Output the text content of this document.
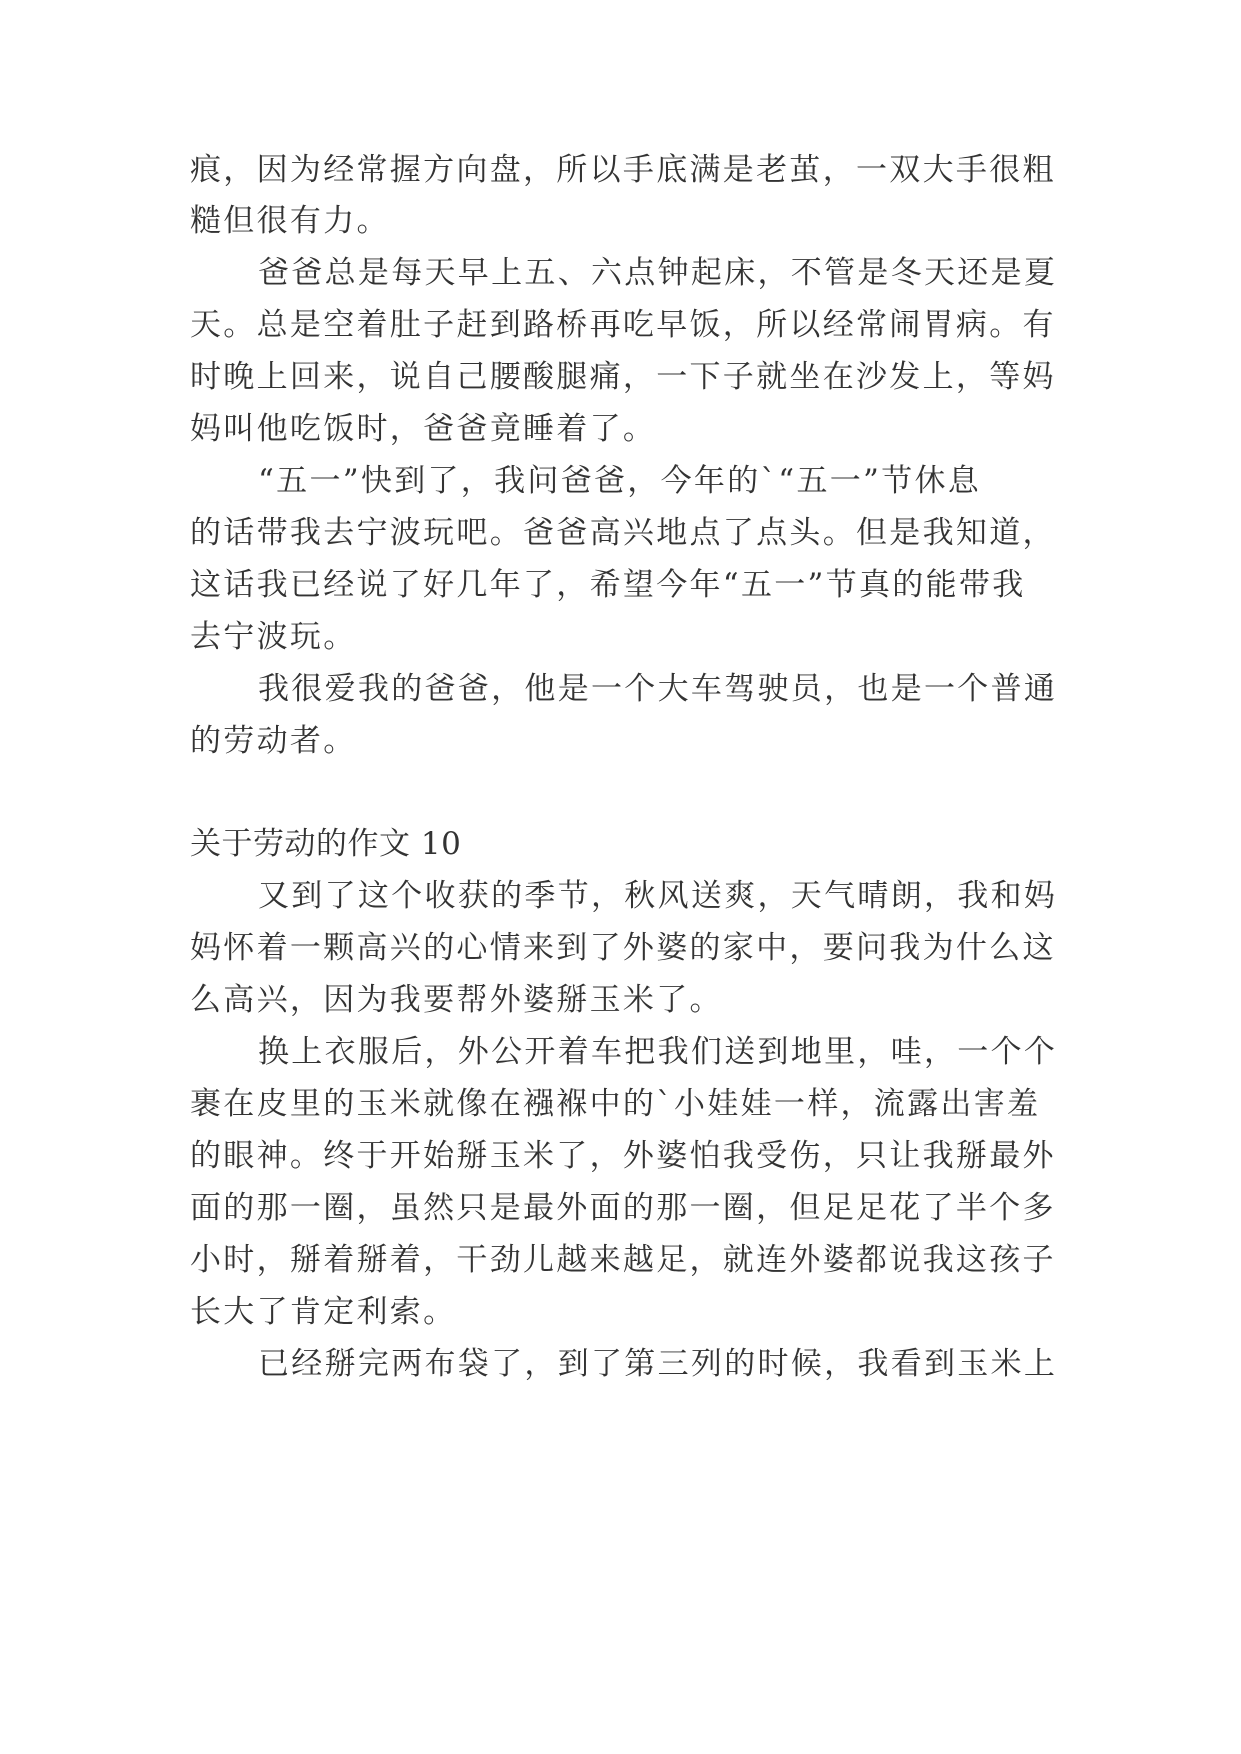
痕，因为经常握方向盘，所以手底满是老茧，一双大手很粗
糙但很有力。
爸爸总是每天早上五、六点钟起床，不管是冬天还是夏
天。总是空着肚子赶到路桥再吃早饭，所以经常闹胃病。有
时晚上回来，说自己腰酸腿痛，一下子就坐在沙发上，等妈
妈叫他吃饭时，爸爸竟睡着了。
“五一”快到了，我问爸爸，今年的`“五一”节休息
的话带我去宁波玩吧。爸爸高兴地点了点头。但是我知道，
这话我已经说了好几年了，希望今年“五一”节真的能带我
去宁波玩。
我很爱我的爸爸，他是一个大车驾驶员，也是一个普通
的劳动者。
关于劳动的作文 10
又到了这个收获的季节，秋风送爽，天气晴朗，我和妈
妈怀着一颗高兴的心情来到了外婆的家中，要问我为什么这
么高兴，因为我要帮外婆掰玉米了。
换上衣服后，外公开着车把我们送到地里，哇，一个个
裹在皮里的玉米就像在襁褓中的`小娃娃一样，流露出害羞
的眼神。终于开始掰玉米了，外婆怕我受伤，只让我掰最外
面的那一圈，虽然只是最外面的那一圈，但足足花了半个多
小时，掰着掰着，干劲儿越来越足，就连外婆都说我这孩子
长大了肯定利索。
已经掰完两布袋了，到了第三列的时候，我看到玉米上
